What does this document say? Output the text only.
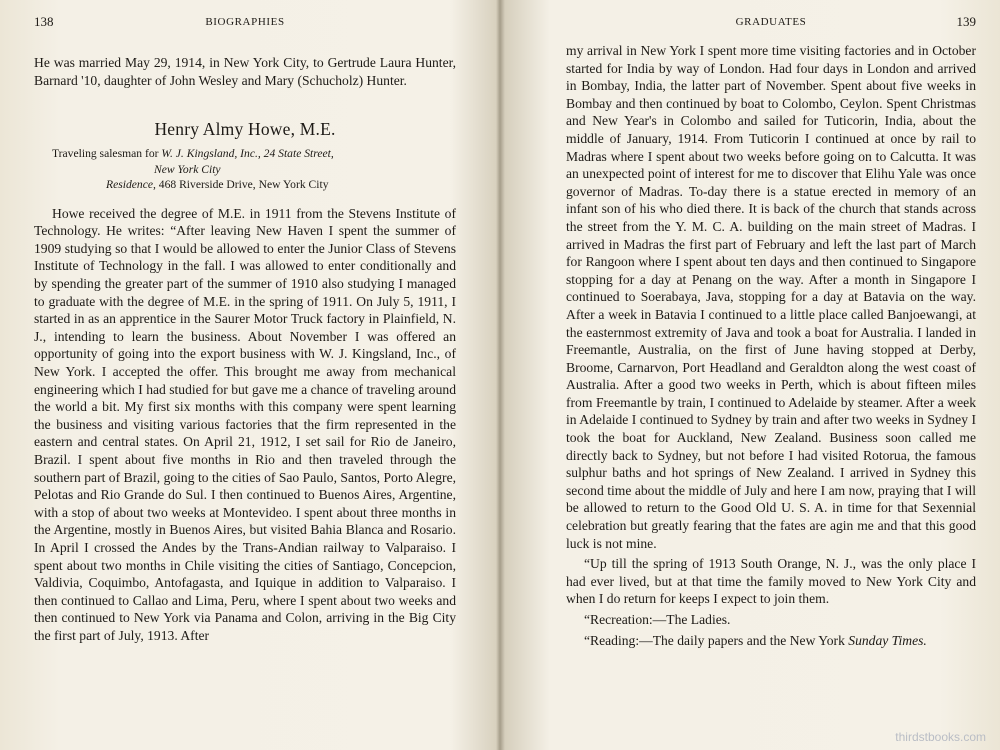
138	BIOGRAPHIES

He was married May 29, 1914, in New York City, to Gertrude Laura Hunter, Barnard '10, daughter of John Wesley and Mary (Schucholz) Hunter.

Henry Almy Howe, M.E.
Traveling salesman for W. J. Kingsland, Inc., 24 State Street,
New York City
Residence, 468 Riverside Drive, New York City

Howe received the degree of M.E. in 1911 from the Stevens Institute of Technology. He writes: “After leaving New Haven I spent the summer of 1909 studying so that I would be allowed to enter the Junior Class of Stevens Institute of Technology in the fall. I was allowed to enter conditionally and by spending the greater part of the summer of 1910 also studying I managed to graduate with the degree of M.E. in the spring of 1911. On July 5, 1911, I started in as an apprentice in the Saurer Motor Truck factory in Plainfield, N. J., intending to learn the business. About November I was offered an opportunity of going into the export business with W. J. Kingsland, Inc., of New York. I accepted the offer. This brought me away from mechanical engineering which I had studied for but gave me a chance of traveling around the world a bit. My first six months with this company were spent learning the business and visiting various factories that the firm represented in the eastern and central states. On April 21, 1912, I set sail for Rio de Janeiro, Brazil. I spent about five months in Rio and then traveled through the southern part of Brazil, going to the cities of Sao Paulo, Santos, Porto Alegre, Pelotas and Rio Grande do Sul. I then continued to Buenos Aires, Argentine, with a stop of about two weeks at Montevideo. I spent about three months in the Argentine, mostly in Buenos Aires, but visited Bahia Blanca and Rosario. In April I crossed the Andes by the Trans-Andian railway to Valparaiso. I spent about two months in Chile visiting the cities of Santiago, Concepcion, Valdivia, Coquimbo, Antofagasta, and Iquique in addition to Valparaiso. I then continued to Callao and Lima, Peru, where I spent about two weeks and then continued to New York via Panama and Colon, arriving in the Big City the first part of July, 1913. After

GRADUATES	139

my arrival in New York I spent more time visiting factories and in October started for India by way of London. Had four days in London and arrived in Bombay, India, the latter part of November. Spent about five weeks in Bombay and then continued by boat to Colombo, Ceylon. Spent Christmas and New Year's in Colombo and sailed for Tuticorin, India, about the middle of January, 1914. From Tuticorin I continued at once by rail to Madras where I spent about two weeks before going on to Calcutta. It was an unexpected point of interest for me to discover that Elihu Yale was once governor of Madras. To-day there is a statue erected in memory of an infant son of his who died there. It is back of the church that stands across the street from the Y. M. C. A. building on the main street of Madras. I arrived in Madras the first part of February and left the last part of March for Rangoon where I spent about ten days and then continued to Singapore stopping for a day at Penang on the way. After a month in Singapore I continued to Soerabaya, Java, stopping for a day at Batavia on the way. After a week in Batavia I continued to a little place called Banjoewangi, at the easternmost extremity of Java and took a boat for Australia. I landed in Freemantle, Australia, on the first of June having stopped at Derby, Broome, Carnarvon, Port Headland and Geraldton along the west coast of Australia. After a good two weeks in Perth, which is about fifteen miles from Freemantle by train, I continued to Adelaide by steamer. After a week in Adelaide I continued to Sydney by train and after two weeks in Sydney I took the boat for Auckland, New Zealand. Business soon called me directly back to Sydney, but not before I had visited Rotorua, the famous sulphur baths and hot springs of New Zealand. I arrived in Sydney this second time about the middle of July and here I am now, praying that I will be allowed to return to the Good Old U. S. A. in time for that Sexennial celebration but greatly fearing that the fates are agin me and that this good luck is not mine.

“Up till the spring of 1913 South Orange, N. J., was the only place I had ever lived, but at that time the family moved to New York City and when I do return for keeps I expect to join them.

“Recreation:—The Ladies.

“Reading:—The daily papers and the New York Sunday Times.

thirdstbooks.com
